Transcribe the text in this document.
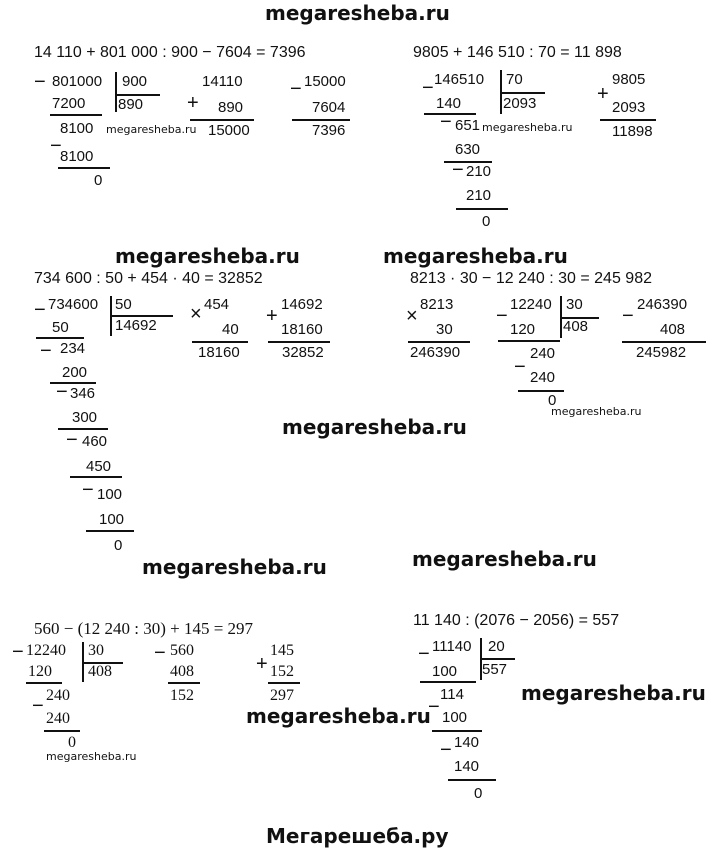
megaresheba.ru
megaresheba.ru	megaresheba.ru
megaresheba.ru
megaresheba.ru	megaresheba.ru
megaresheba.ru
megaresheba.ru
megaresheba.ru	megaresheba.ru
megaresheba.ru
megaresheba.ru
Мегарешеба.ру
14 110 + 801 000 : 900 − 7604 = 7396
− 801000 900
7200 890
8100
−
8100
0
+
14110
890
15000
− 15000
7604
7396
9805 + 146 510 : 70 = 11 898
− 146510 70
140	2093
− 651
630
− 210
210
0
+
9805
2093
11898
734 600 : 50 + 454 · 40 = 32852
− 734600 50
50	14692
− 234
200
− 346
300
− 460
450
− 100
100
0
× 454
40
18160
+
14692
18160
32852
8213 · 30 − 12 240 : 30 = 245 982
×
8213
30
246390
−
12240 30
120 408
240
− 240
0
−
246390
408
245982
560 − (12 240 : 30) + 145 = 297
− 12240 30
120 408
− 240
240
0
− 560
408
152
+
145
152
297
11 140 : (2076 − 2056) = 557
− 11140 20
100 557
114
− 100
− 140
140
0
